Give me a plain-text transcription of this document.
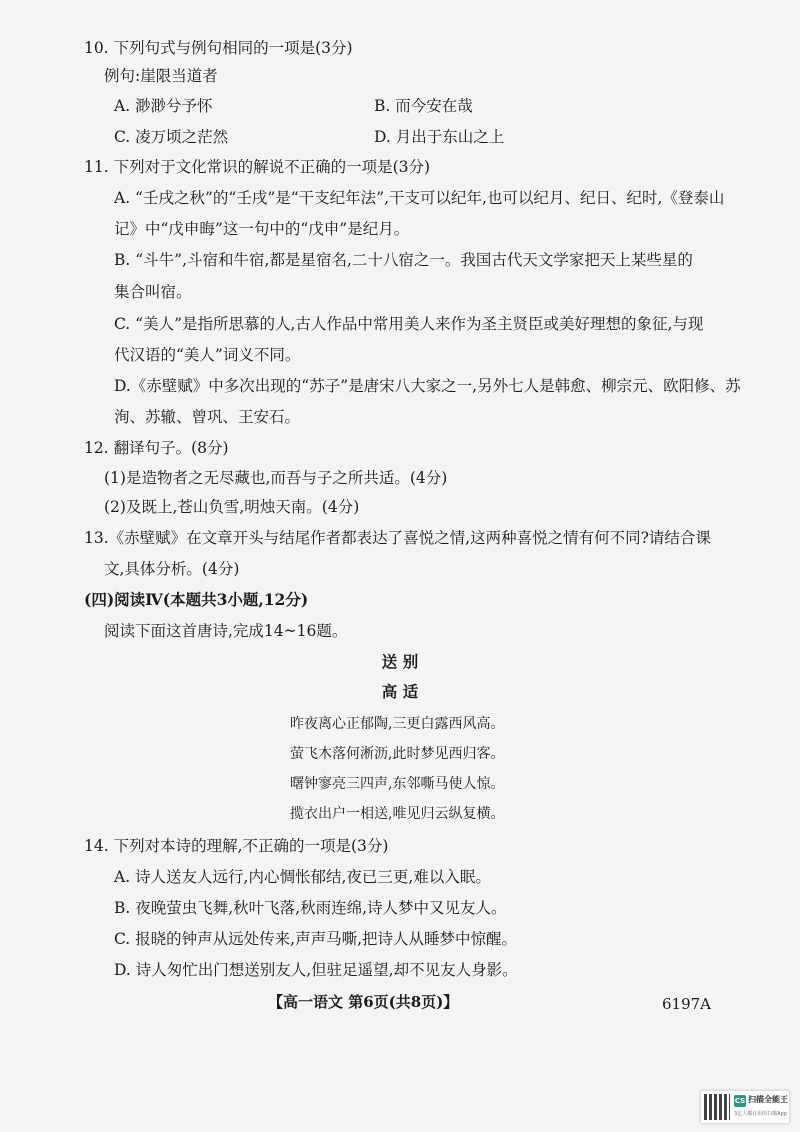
10. 下列句式与例句相同的一项是(3分)
例句:崖限当道者
A. 渺渺兮予怀	B. 而今安在哉
C. 凌万顷之茫然	D. 月出于东山之上
11. 下列对于文化常识的解说不正确的一项是(3分)
A. “壬戌之秋”的“壬戌”是“干支纪年法”,干支可以纪年,也可以纪月、纪日、纪时,《登泰山
记》中“戊申晦”这一句中的“戊申”是纪月。
B. “斗牛”,斗宿和牛宿,都是星宿名,二十八宿之一。我国古代天文学家把天上某些星的
集合叫宿。
C. “美人”是指所思慕的人,古人作品中常用美人来作为圣主贤臣或美好理想的象征,与现
代汉语的“美人”词义不同。
D.《赤壁赋》中多次出现的“苏子”是唐宋八大家之一,另外七人是韩愈、柳宗元、欧阳修、苏
洵、苏辙、曾巩、王安石。
12. 翻译句子。(8分)
(1)是造物者之无尽藏也,而吾与子之所共适。(4分)
(2)及既上,苍山负雪,明烛天南。(4分)
13.《赤壁赋》在文章开头与结尾作者都表达了喜悦之情,这两种喜悦之情有何不同?请结合课
文,具体分析。(4分)
(四)阅读Ⅳ(本题共3小题,12分)
阅读下面这首唐诗,完成14~16题。
送 别
高 适
昨夜离心正郁陶,三更白露西风高。
萤飞木落何淅沥,此时梦见西归客。
曙钟寥亮三四声,东邻嘶马使人惊。
揽衣出户一相送,唯见归云纵复横。
14. 下列对本诗的理解,不正确的一项是(3分)
A. 诗人送友人远行,内心惆怅郁结,夜已三更,难以入眠。
B. 夜晚萤虫飞舞,秋叶飞落,秋雨连绵,诗人梦中又见友人。
C. 报晓的钟声从远处传来,声声马嘶,把诗人从睡梦中惊醒。
D. 诗人匆忙出门想送别友人,但驻足遥望,却不见友人身影。
【高一语文 第6页(共8页)】	6197A
CS 扫描全能王
3亿人都在用的扫描App
